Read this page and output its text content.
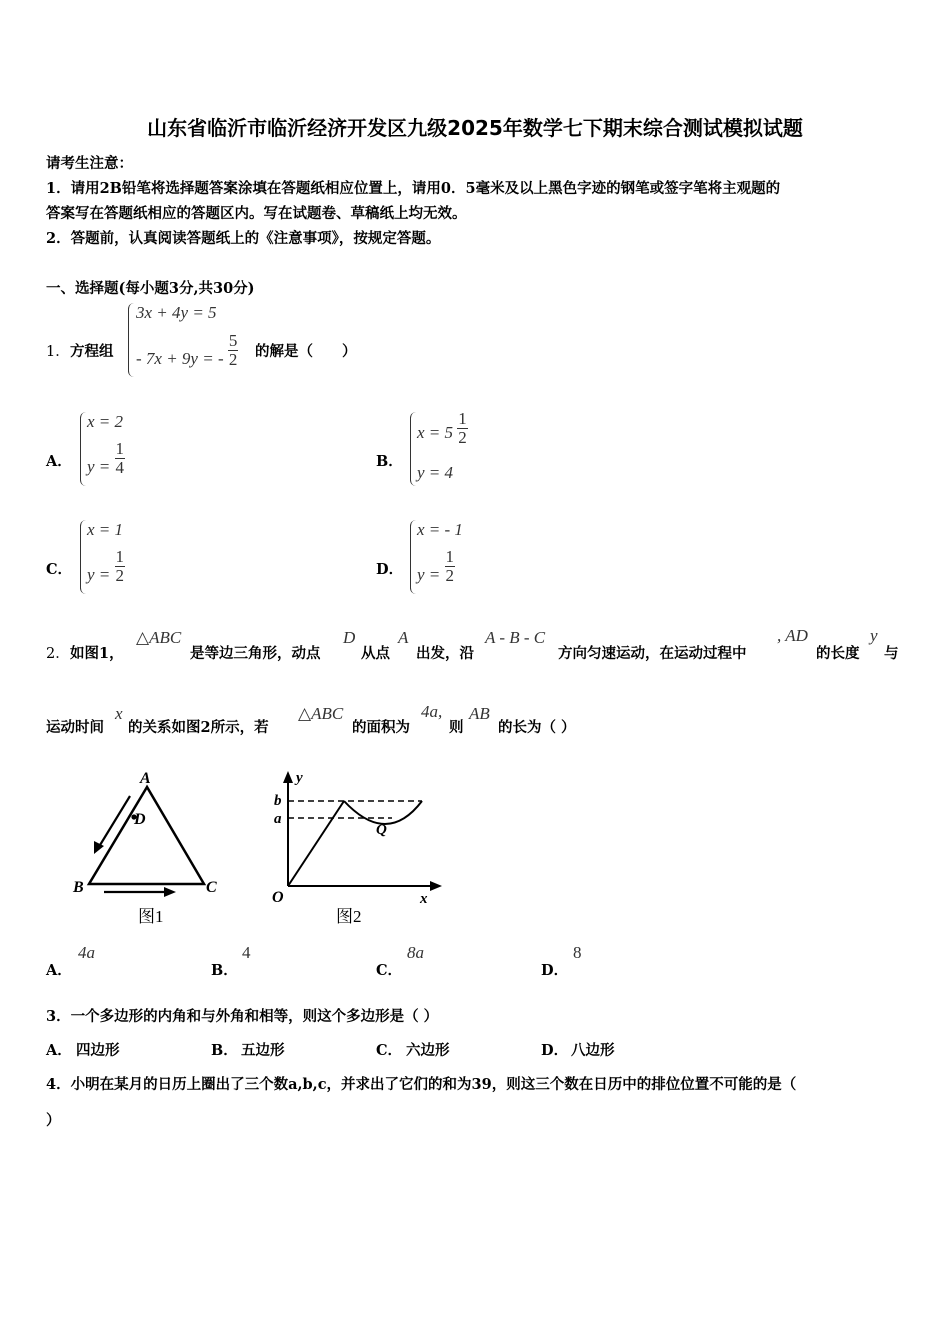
山东省临沂市临沂经济开发区九级2025年数学七下期末综合测试模拟试题
请考生注意：
1．请用2B铅笔将选择题答案涂填在答题纸相应位置上，请用0．5毫米及以上黑色字迹的钢笔或签字笔将主观题的
答案写在答题纸相应的答题区内。写在试题卷、草稿纸上均无效。
2．答题前，认真阅读答题纸上的《注意事项》，按规定答题。
一、选择题(每小题3分,共30分)
1． 方程组
3x + 4y = 5
- 7x + 9y = - $\frac{5}{2}$ 的解是（　　）
A．
x = 2
$y = \frac{1}{4}$	B．
$x = 5 \frac{1}{2}$
y = 4
C．
x = 1
$y = \frac{1}{2}$	D．
x = - 1
$y = \frac{1}{2}$
2． 如图1，
△ABC
是等边三角形，动点
D
从点
A
出发，沿
A - B - C
方向匀速运动，在运动过程中
, AD
的长度
y
与
运动时间
x
的关系如图2所示，若
△ABC
的面积为
4a,
则
AB
的长为（ ）
A
D
B	C
图1
y
b
a
Q
O	x
图2
A．
4a
B．
4
C．
8a
D．
8
3．一个多边形的内角和与外角和相等，则这个多边形是（ ）
A． 四边形	B． 五边形	C． 六边形	D． 八边形
4．小明在某月的日历上圈出了三个数a,b,c，并求出了它们的和为39，则这三个数在日历中的排位位置不可能的是（
）
